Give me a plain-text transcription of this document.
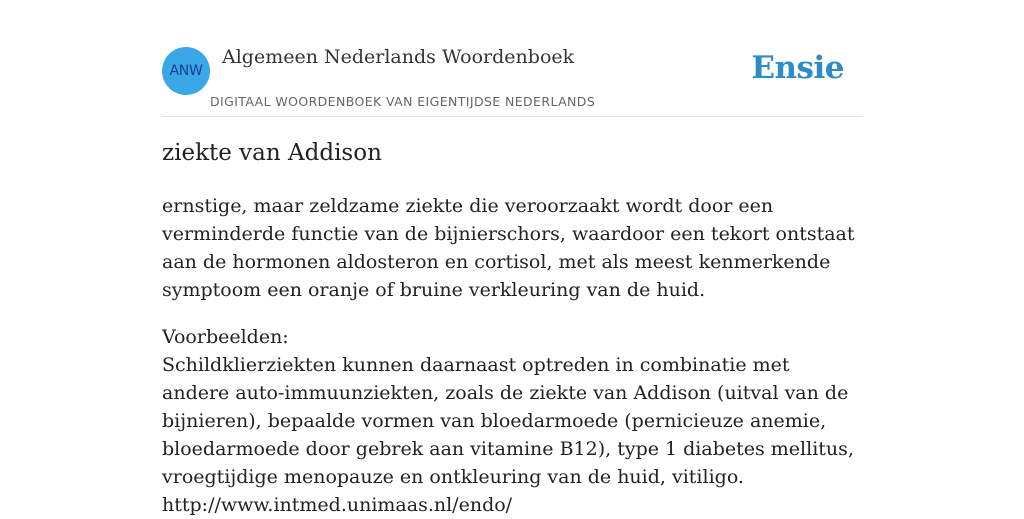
ANW
Algemeen Nederlands Woordenboek
DIGITAAL WOORDENBOEK VAN EIGENTIJDSE NEDERLANDS
Ensie
ziekte van Addison

ernstige, maar zeldzame ziekte die veroorzaakt wordt door een verminderde functie van de bijnierschors, waardoor een tekort ontstaat aan de hormonen aldosteron en cortisol, met als meest kenmerkende symptoom een oranje of bruine verkleuring van de huid.

Voorbeelden:
Schildklierziekten kunnen daarnaast optreden in combinatie met andere auto-immuunziekten, zoals de ziekte van Addison (uitval van de bijnieren), bepaalde vormen van bloedarmoede (pernicieuze anemie, bloedarmoede door gebrek aan vitamine B12), type 1 diabetes mellitus, vroegtijdige menopauze en ontkleuring van de huid, vitiligo.
http://www.intmed.unimaas.nl/endo/
